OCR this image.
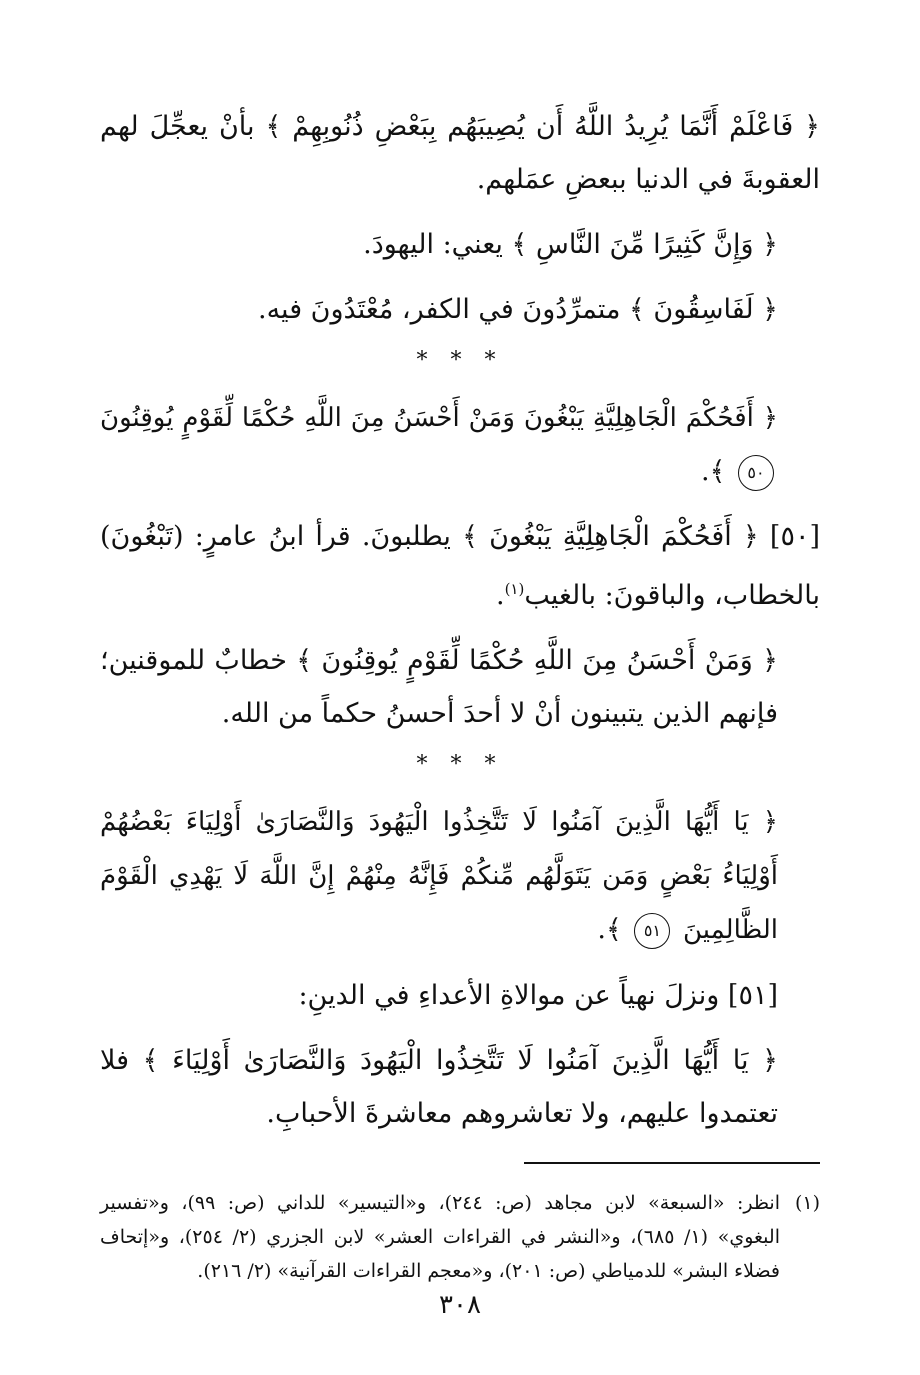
﴿ فَاعْلَمْ أَنَّمَا يُرِيدُ اللَّهُ أَن يُصِيبَهُم بِبَعْضِ ذُنُوبِهِمْ ﴾ بأنْ يعجِّلَ لهم العقوبةَ في الدنيا ببعضِ عمَلهم.

﴿ وَإِنَّ كَثِيرًا مِّنَ النَّاسِ ﴾ يعني: اليهودَ.

﴿ لَفَاسِقُونَ ﴾ متمرِّدُونَ في الكفر، مُعْتَدُونَ فيه.

* * *

﴿ أَفَحُكْمَ الْجَاهِلِيَّةِ يَبْغُونَ وَمَنْ أَحْسَنُ مِنَ اللَّهِ حُكْمًا لِّقَوْمٍ يُوقِنُونَ ٥٠ ﴾.

[٥٠] ﴿ أَفَحُكْمَ الْجَاهِلِيَّةِ يَبْغُونَ ﴾ يطلبونَ. قرأ ابنُ عامرٍ: (تَبْغُونَ) بالخطاب، والباقونَ: بالغيب$^{(١)}$.

﴿ وَمَنْ أَحْسَنُ مِنَ اللَّهِ حُكْمًا لِّقَوْمٍ يُوقِنُونَ ﴾ خطابٌ للموقنين؛ فإنهم الذين يتبينون أنْ لا أحدَ أحسنُ حكماً من الله.

* * *

﴿ يَا أَيُّهَا الَّذِينَ آمَنُوا لَا تَتَّخِذُوا الْيَهُودَ وَالنَّصَارَىٰ أَوْلِيَاءَ بَعْضُهُمْ أَوْلِيَاءُ بَعْضٍ وَمَن يَتَوَلَّهُم مِّنكُمْ فَإِنَّهُ مِنْهُمْ إِنَّ اللَّهَ لَا يَهْدِي الْقَوْمَ الظَّالِمِينَ ٥١ ﴾.

[٥١] ونزلَ نهياً عن موالاةِ الأعداءِ في الدينِ:

﴿ يَا أَيُّهَا الَّذِينَ آمَنُوا لَا تَتَّخِذُوا الْيَهُودَ وَالنَّصَارَىٰ أَوْلِيَاءَ ﴾ فلا تعتمدوا عليهم، ولا تعاشروهم معاشرةَ الأحبابِ.

(١)
انظر: «السبعة» لابن مجاهد (ص: ٢٤٤)، و«التيسير» للداني (ص: ٩٩)، و«تفسير البغوي» (١/ ٦٨٥)، و«النشر في القراءات العشر» لابن الجزري (٢/ ٢٥٤)، و«إتحاف فضلاء البشر» للدمياطي (ص: ٢٠١)، و«معجم القراءات القرآنية» (٢/ ٢١٦).
٣٠٨
